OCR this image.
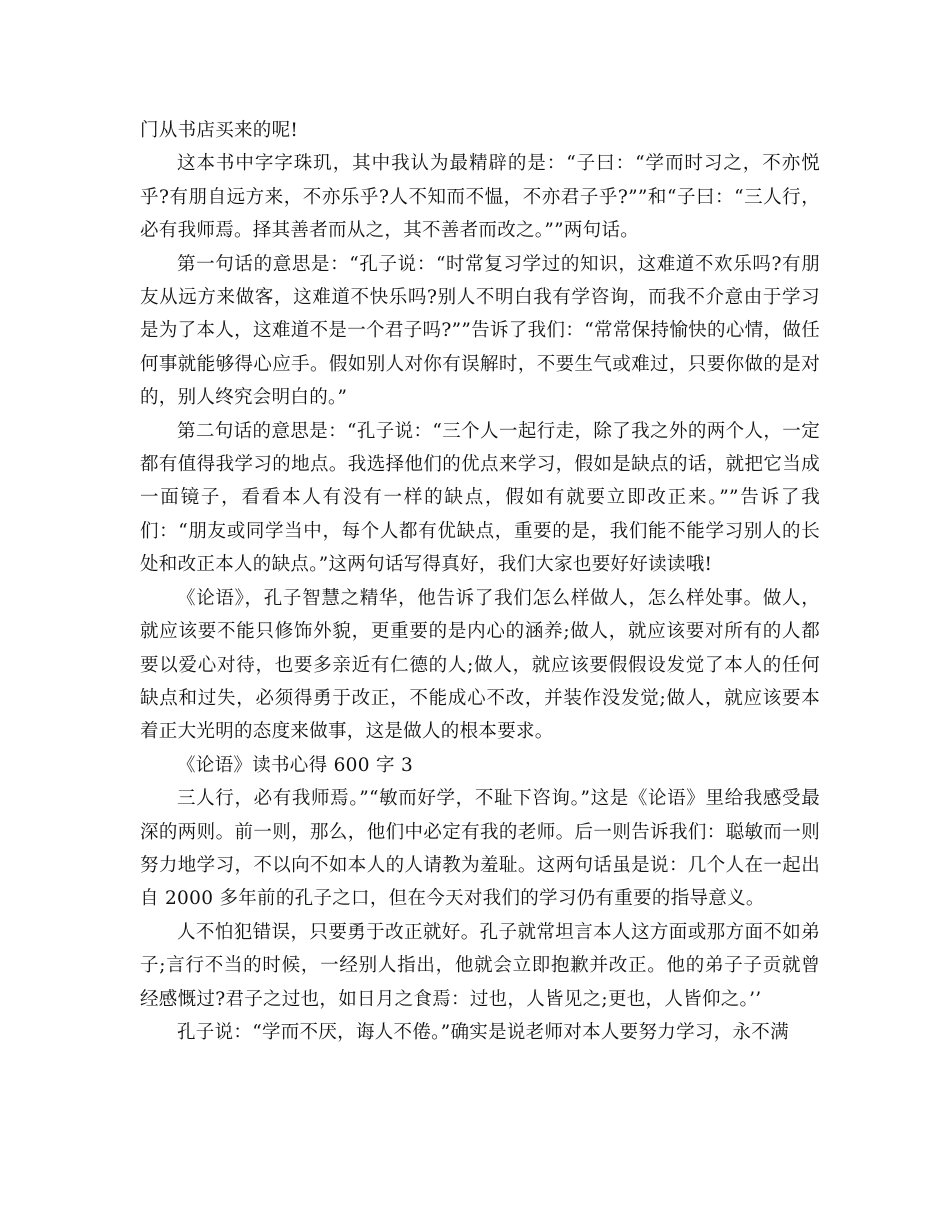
门从书店买来的呢!

这本书中字字珠玑，其中我认为最精辟的是：“子曰：“学而时习之，不亦悦乎?有朋自远方来，不亦乐乎?人不知而不愠，不亦君子乎?””和“子曰：“三人行，必有我师焉。择其善者而从之，其不善者而改之。””两句话。

第一句话的意思是：“孔子说：“时常复习学过的知识，这难道不欢乐吗?有朋友从远方来做客，这难道不快乐吗?别人不明白我有学咨询，而我不介意由于学习是为了本人，这难道不是一个君子吗?””告诉了我们：“常常保持愉快的心情，做任何事就能够得心应手。假如别人对你有误解时，不要生气或难过，只要你做的是对的，别人终究会明白的。”

第二句话的意思是：“孔子说：“三个人一起行走，除了我之外的两个人，一定都有值得我学习的地点。我选择他们的优点来学习，假如是缺点的话，就把它当成一面镜子，看看本人有没有一样的缺点，假如有就要立即改正来。””告诉了我们：“朋友或同学当中，每个人都有优缺点，重要的是，我们能不能学习别人的长处和改正本人的缺点。”这两句话写得真好，我们大家也要好好读读哦!

《论语》，孔子智慧之精华，他告诉了我们怎么样做人，怎么样处事。做人，就应该要不能只修饰外貌，更重要的是内心的涵养;做人，就应该要对所有的人都要以爱心对待，也要多亲近有仁德的人;做人，就应该要假假设发觉了本人的任何缺点和过失，必须得勇于改正，不能成心不改，并装作没发觉;做人，就应该要本着正大光明的态度来做事，这是做人的根本要求。

《论语》读书心得 600 字 3

三人行，必有我师焉。”“敏而好学，不耻下咨询。”这是《论语》里给我感受最深的两则。前一则，那么，他们中必定有我的老师。后一则告诉我们：聪敏而一则努力地学习，不以向不如本人的人请教为羞耻。这两句话虽是说：几个人在一起出自 2000 多年前的孔子之口，但在今天对我们的学习仍有重要的指导意义。

人不怕犯错误，只要勇于改正就好。孔子就常坦言本人这方面或那方面不如弟子;言行不当的时候，一经别人指出，他就会立即抱歉并改正。他的弟子子贡就曾经感慨过?君子之过也，如日月之食焉：过也，人皆见之;更也，人皆仰之。’’

孔子说：“学而不厌，诲人不倦。”确实是说老师对本人要努力学习，永不满
